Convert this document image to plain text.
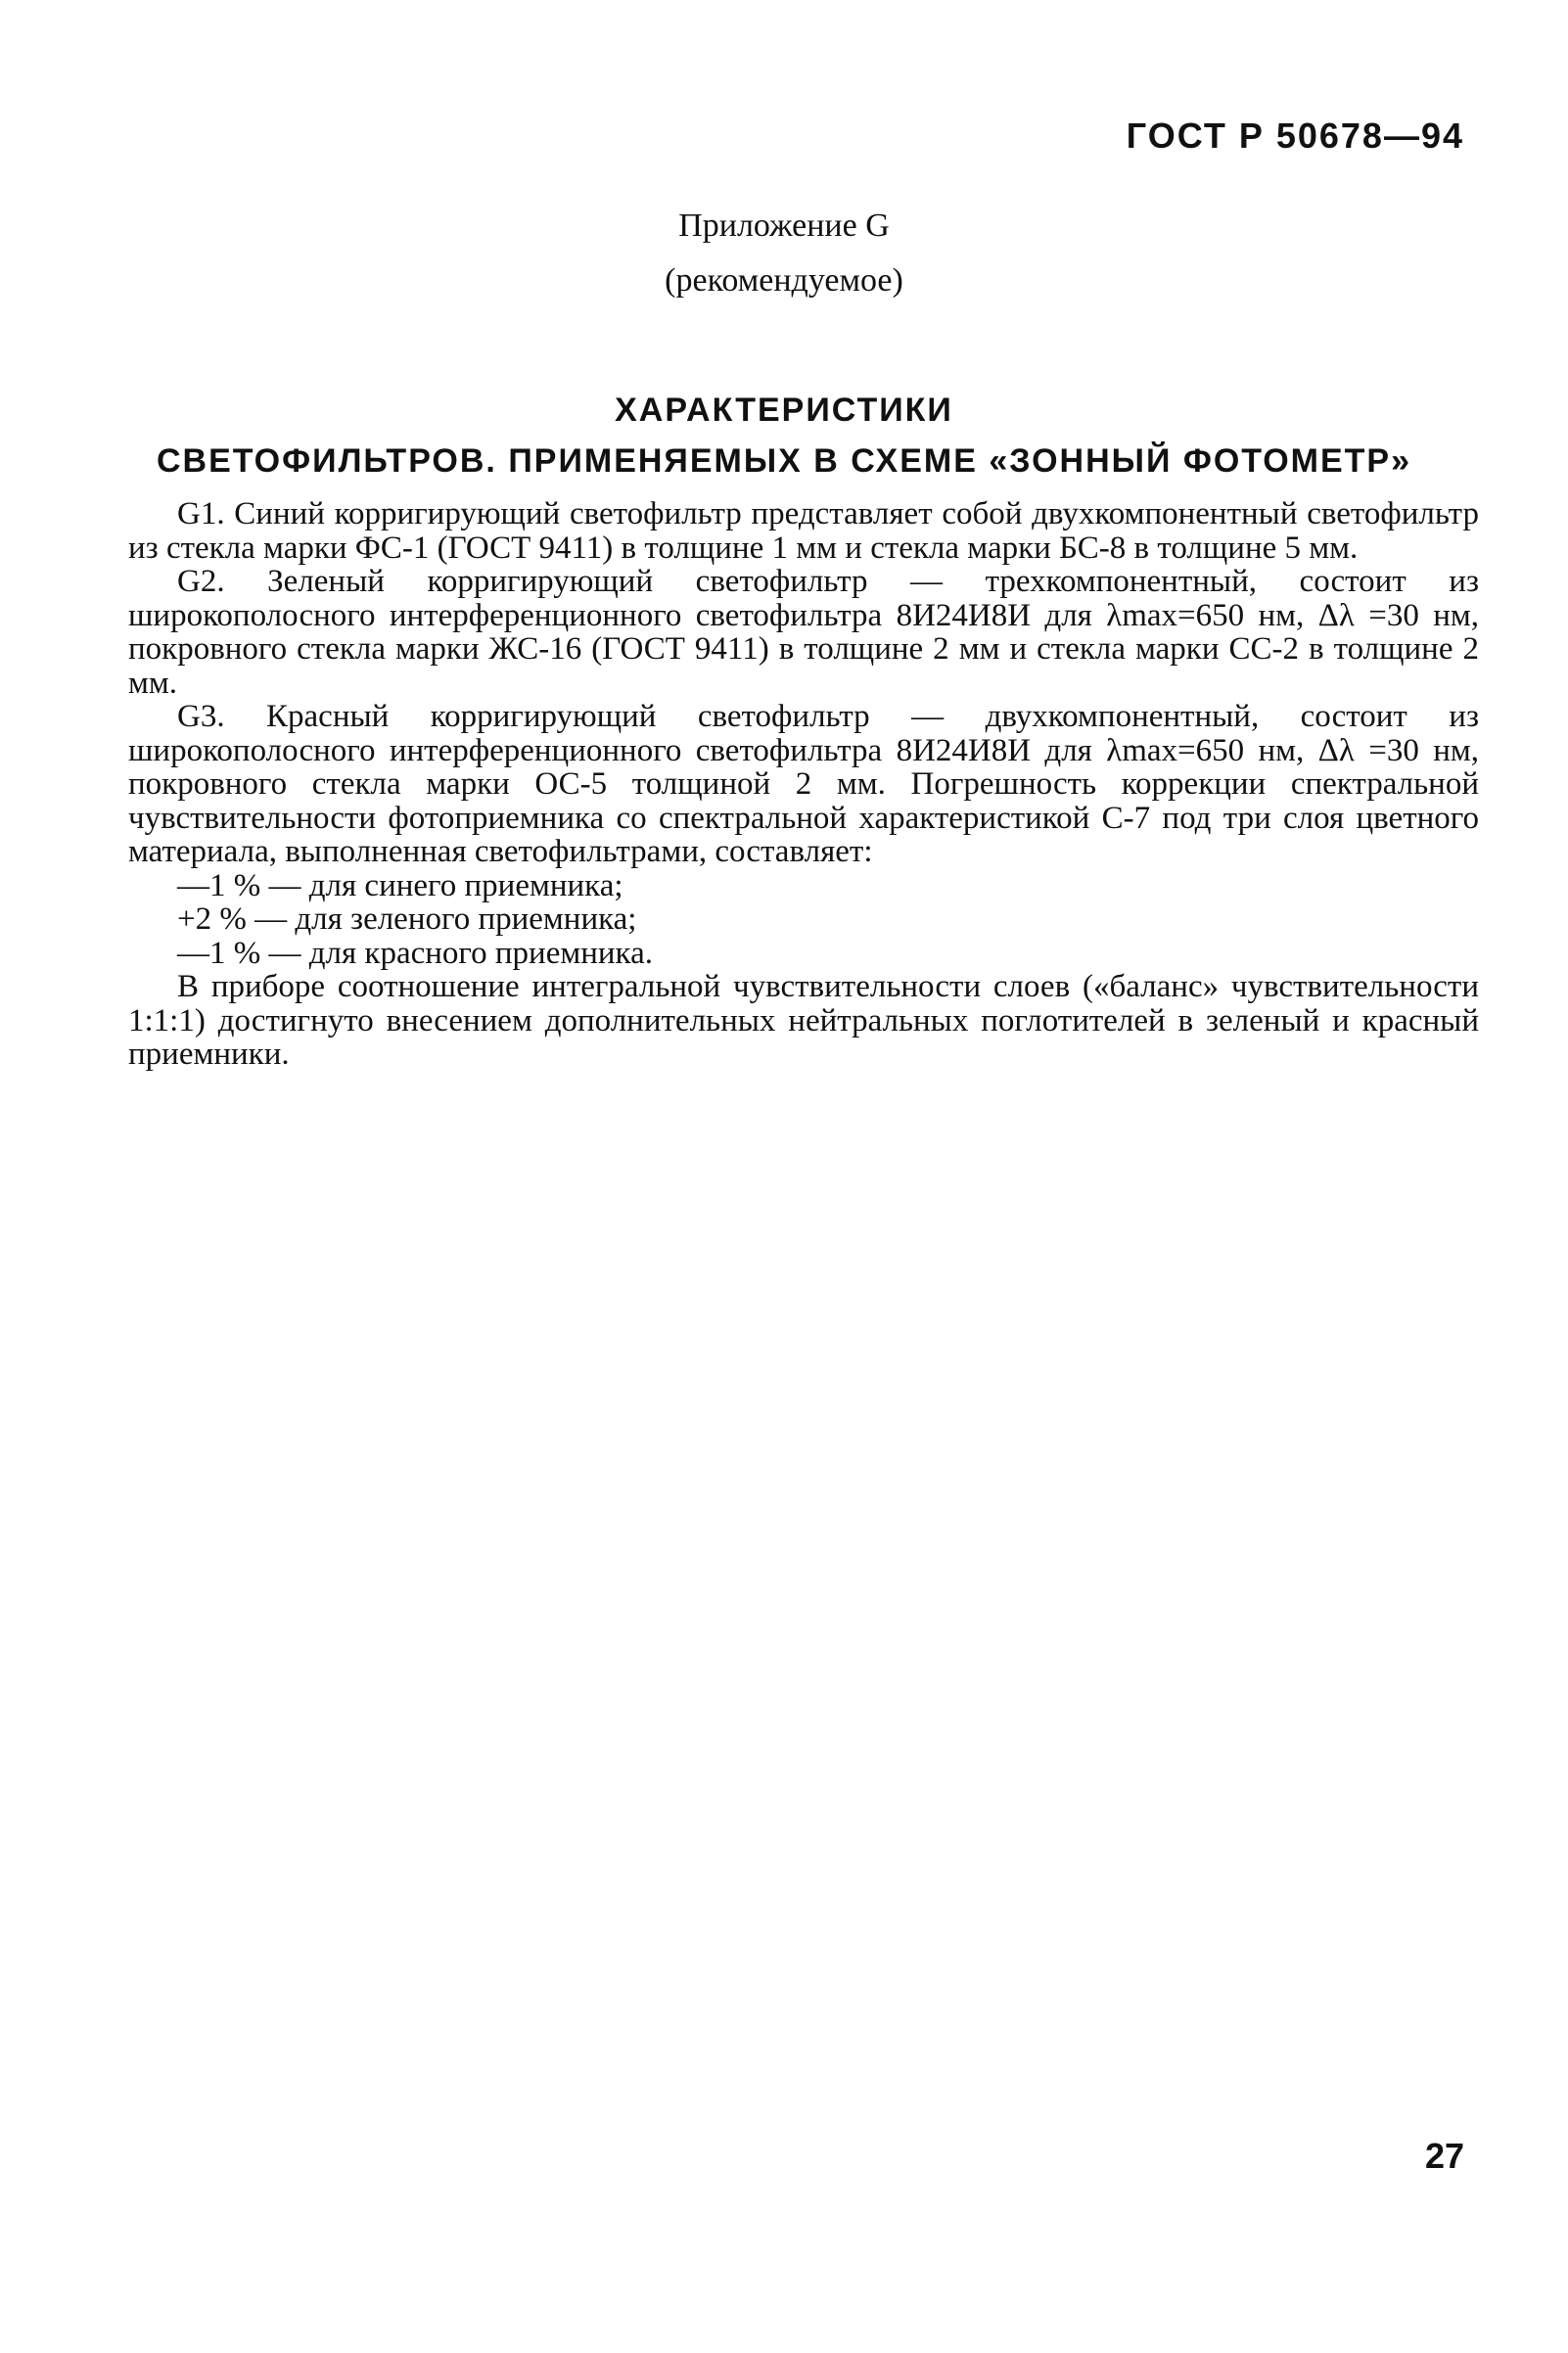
ГОСТ Р 50678—94
Приложение G
(рекомендуемое)
ХАРАКТЕРИСТИКИ
СВЕТОФИЛЬТРОВ. ПРИМЕНЯЕМЫХ В СХЕМЕ «ЗОННЫЙ ФОТОМЕТР»

G1. Синий корригирующий светофильтр представляет собой двухкомпонентный светофильтр из стекла марки ФС-1 (ГОСТ 9411) в толщине 1 мм и стекла марки БС-8 в толщине 5 мм.

G2. Зеленый корригирующий светофильтр — трехкомпонентный, состоит из широкополосного интерференционного светофильтра 8И24И8И для λmax=650 нм, Δλ =30 нм, покровного стекла марки ЖС-16 (ГОСТ 9411) в толщине 2 мм и стекла марки СС-2 в толщине 2 мм.

G3. Красный корригирующий светофильтр — двухкомпонентный, состоит из широкополосного интерференционного светофильтра 8И24И8И для λmax=650 нм, Δλ =30 нм, покровного стекла марки ОС-5 толщиной 2 мм. Погрешность коррекции спектральной чувствительности фотоприемника со спектральной характеристикой С-7 под три слоя цветного материала, выполненная светофильтрами, составляет:

—1 % — для синего приемника;

+2 % — для зеленого приемника;

—1 % — для красного приемника.

В приборе соотношение интегральной чувствительности слоев («баланс» чувствительности 1:1:1) достигнуто внесением дополнительных нейтральных поглотителей в зеленый и красный приемники.

27
